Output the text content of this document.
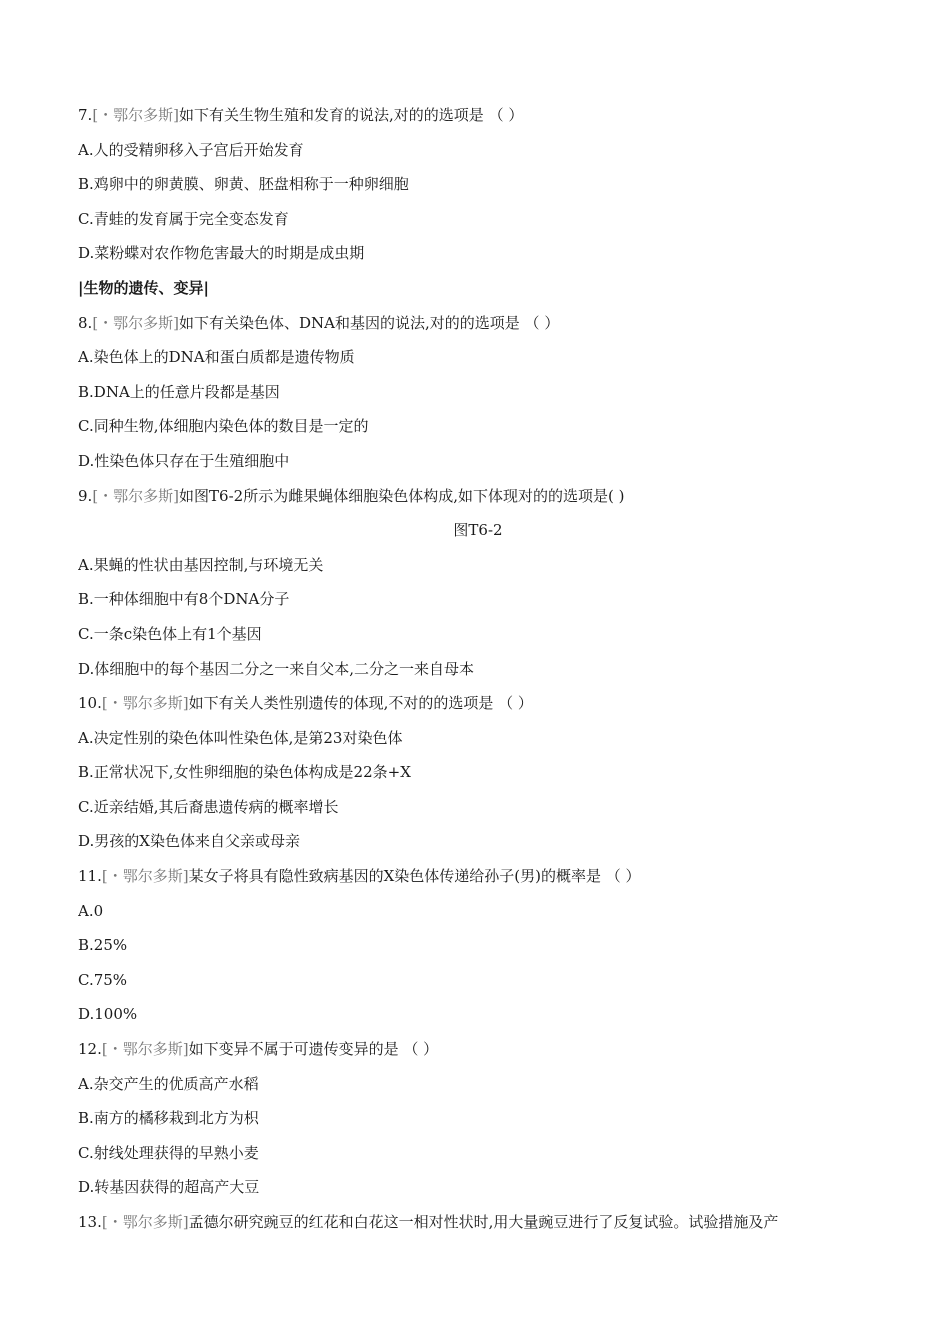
7.[・鄂尔多斯]如下有关生物生殖和发育的说法,对的的选项是 （ ）
A.人的受精卵移入子宫后开始发育
B.鸡卵中的卵黄膜、卵黄、胚盘相称于一种卵细胞
C.青蛙的发育属于完全变态发育
D.菜粉蝶对农作物危害最大的时期是成虫期
|生物的遗传、变异|
8.[・鄂尔多斯]如下有关染色体、DNA和基因的说法,对的的选项是 （ ）
A.染色体上的DNA和蛋白质都是遗传物质
B.DNA上的任意片段都是基因
C.同种生物,体细胞内染色体的数目是一定的
D.性染色体只存在于生殖细胞中
9.[・鄂尔多斯]如图T6-2所示为雌果蝇体细胞染色体构成,如下体现对的的选项是( )
图T6-2
A.果蝇的性状由基因控制,与环境无关
B.一种体细胞中有8个DNA分子
C.一条c染色体上有1个基因
D.体细胞中的每个基因二分之一来自父本,二分之一来自母本
10.[・鄂尔多斯]如下有关人类性别遗传的体现,不对的的选项是 （ ）
A.决定性别的染色体叫性染色体,是第23对染色体
B.正常状况下,女性卵细胞的染色体构成是22条+X
C.近亲结婚,其后裔患遗传病的概率增长
D.男孩的X染色体来自父亲或母亲
11.[・鄂尔多斯]某女子将具有隐性致病基因的X染色体传递给孙子(男)的概率是 （ ）
A.0
B.25%
C.75%
D.100%
12.[・鄂尔多斯]如下变异不属于可遗传变异的是 （ ）
A.杂交产生的优质高产水稻
B.南方的橘移栽到北方为枳
C.射线处理获得的早熟小麦
D.转基因获得的超高产大豆
13.[・鄂尔多斯]孟德尔研究豌豆的红花和白花这一相对性状时,用大量豌豆进行了反复试验。试验措施及产
